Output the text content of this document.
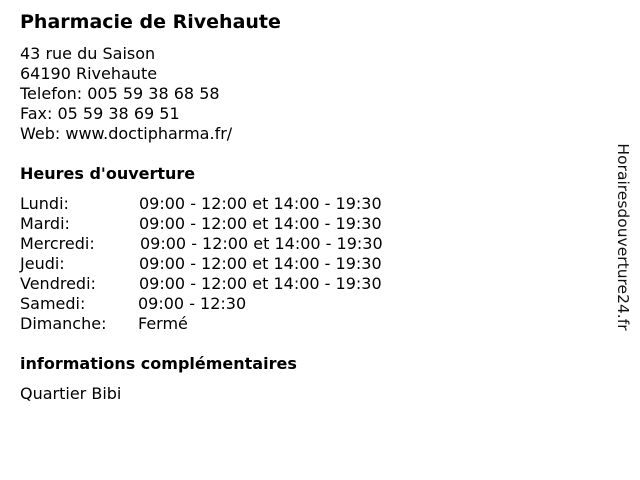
Pharmacie de Rivehaute
43 rue du Saison
64190 Rivehaute
Telefon: 005 59 38 68 58
Fax: 05 59 38 69 51
Web: www.doctipharma.fr/
Heures d'ouverture
Lundi:	09:00 - 12:00 et 14:00 - 19:30
Mardi:	09:00 - 12:00 et 14:00 - 19:30
Mercredi:	09:00 - 12:00 et 14:00 - 19:30
Jeudi:	09:00 - 12:00 et 14:00 - 19:30
Vendredi:	09:00 - 12:00 et 14:00 - 19:30
Samedi:	09:00 - 12:30
Dimanche: Fermé
informations complémentaires
Quartier Bibi
Horairesdouverture24.fr
